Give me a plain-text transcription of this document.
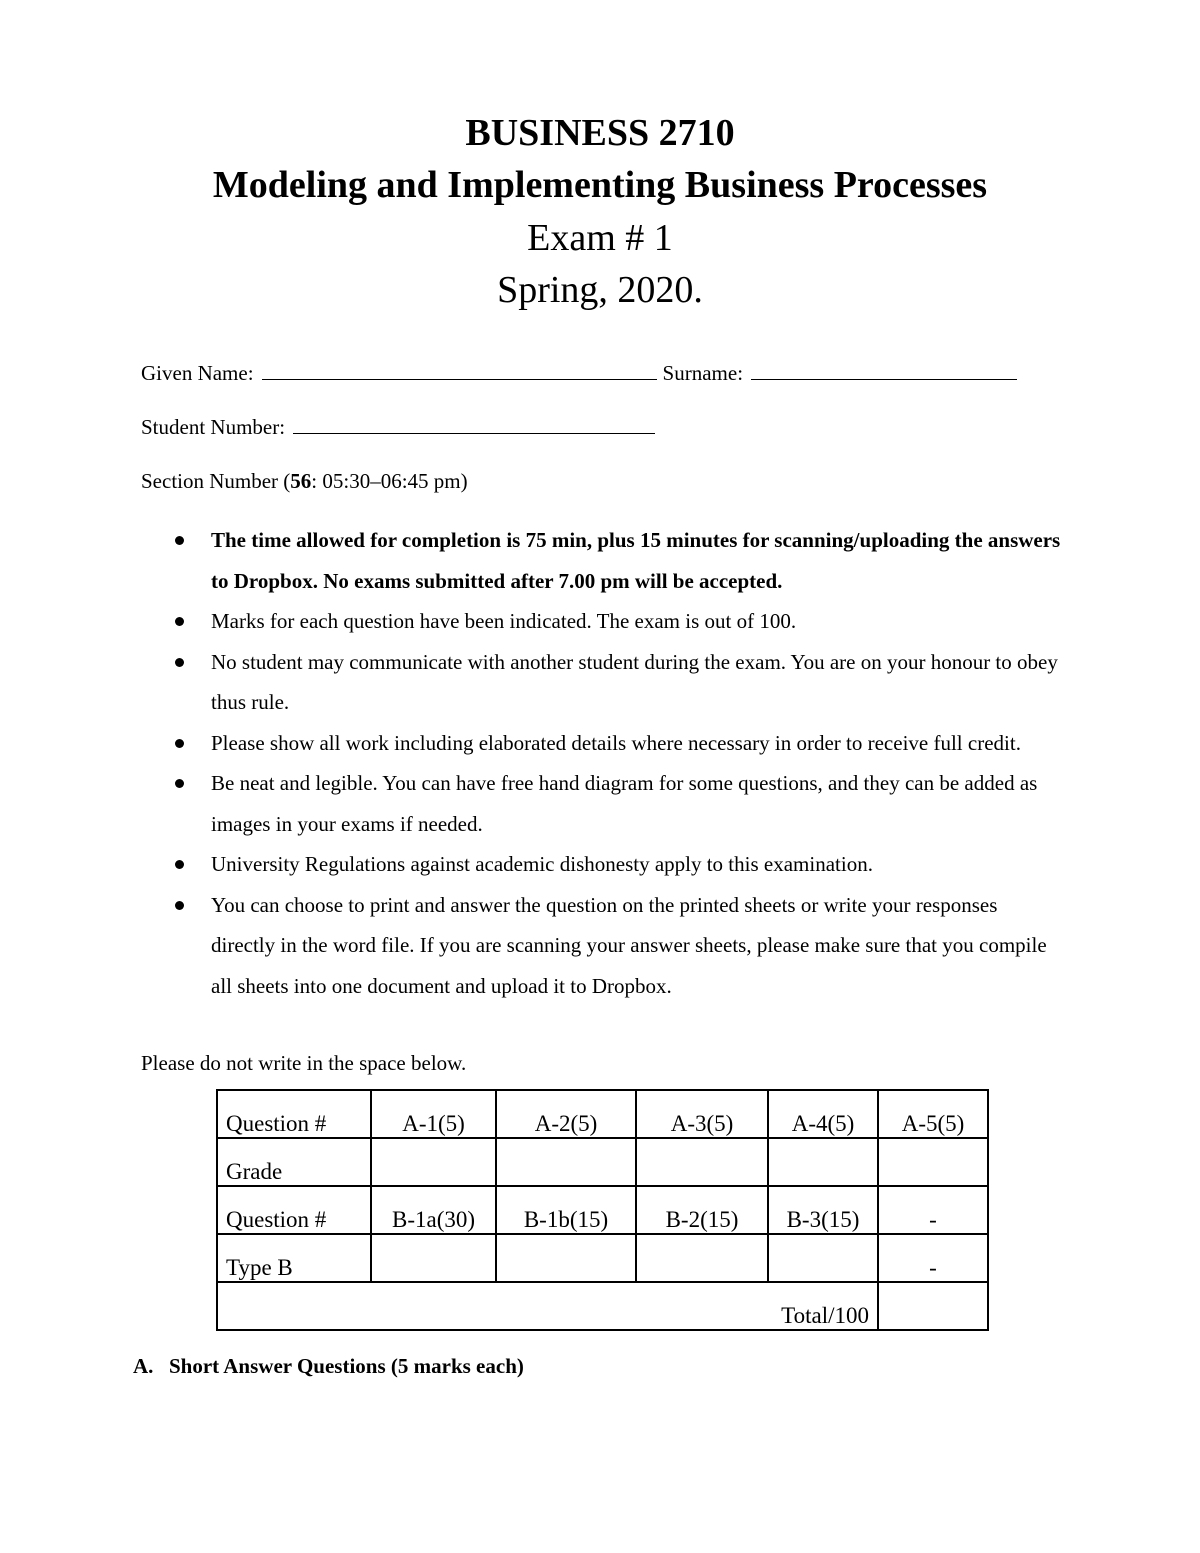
BUSINESS 2710
Modeling and Implementing Business Processes
Exam # 1
Spring, 2020.
Given Name:	Surname:
Student Number:
Section Number ( 56 : 05:30–06:45 pm)
The time allowed for completion is 75 min, plus 15 minutes for scanning/uploading the answers to Dropbox. No exams submitted after 7.00 pm will be accepted.
Marks for each question have been indicated. The exam is out of 100.
No student may communicate with another student during the exam. You are on your honour to obey thus rule.
Please show all work including elaborated details where necessary in order to receive full credit.
Be neat and legible. You can have free hand diagram for some questions, and they can be added as images in your exams if needed.
University Regulations against academic dishonesty apply to this examination.
You can choose to print and answer the question on the printed sheets or write your responses directly in the word file. If you are scanning your answer sheets, please make sure that you compile all sheets into one document and upload it to Dropbox.
Please do not write in the space below.
Question #	A-1(5)	A-2(5)	A-3(5)	A-4(5)	A-5(5)
Grade					
Question #	B-1a(30)	B-1b(15)	B-2(15)	B-3(15)	-
Type B					-
Total/100					
A. Short Answer Questions (5 marks each)
